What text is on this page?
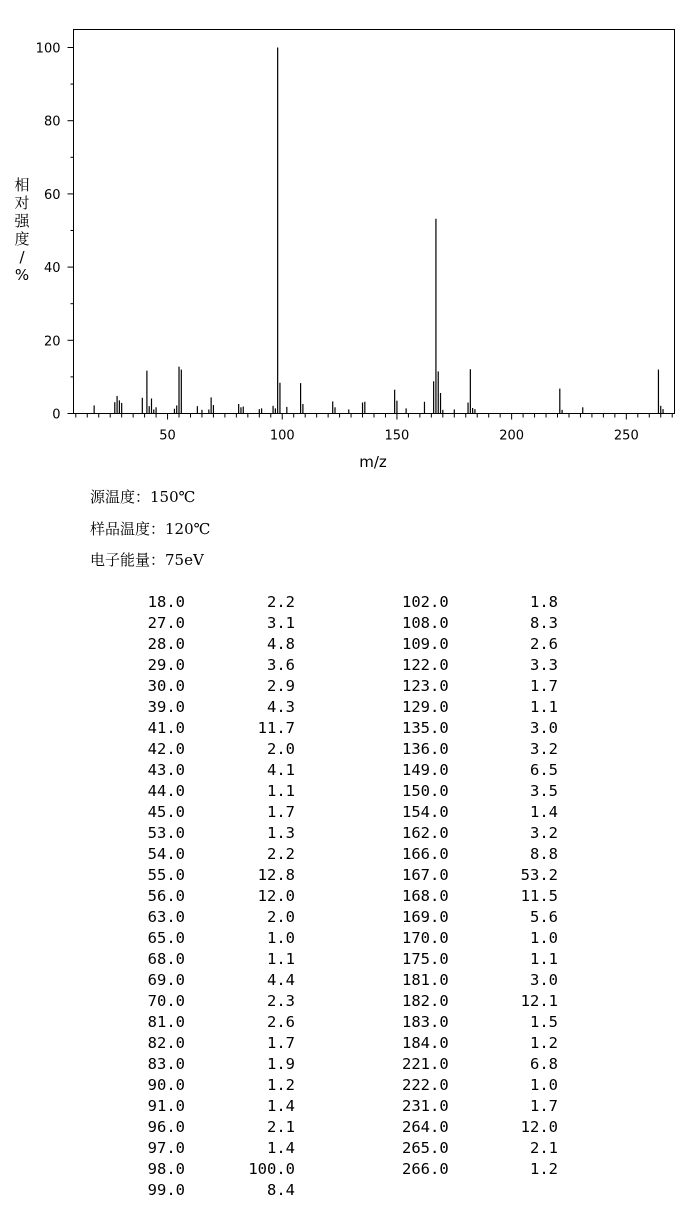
50	100	150	200	250
0
20
40
60
80
100
m/z
相对强度/ %
源温度：150℃
样品温度：120℃
电子能量：75eV
18.0	2.2
27.0	3.1
28.0	4.8
29.0	3.6
30.0	2.9
39.0	4.3
41.0	11.7
42.0	2.0
43.0	4.1
44.0	1.1
45.0	1.7
53.0	1.3
54.0	2.2
55.0	12.8
56.0	12.0
63.0	2.0
65.0	1.0
68.0	1.1
69.0	4.4
70.0	2.3
81.0	2.6
82.0	1.7
83.0	1.9
90.0	1.2
91.0	1.4
96.0	2.1
97.0	1.4
98.0	100.0
99.0	8.4
102.0	1.8
108.0	8.3
109.0	2.6
122.0	3.3
123.0	1.7
129.0	1.1
135.0	3.0
136.0	3.2
149.0	6.5
150.0	3.5
154.0	1.4
162.0	3.2
166.0	8.8
167.0	53.2
168.0	11.5
169.0	5.6
170.0	1.0
175.0	1.1
181.0	3.0
182.0	12.1
183.0	1.5
184.0	1.2
221.0	6.8
222.0	1.0
231.0	1.7
264.0	12.0
265.0	2.1
266.0	1.2
